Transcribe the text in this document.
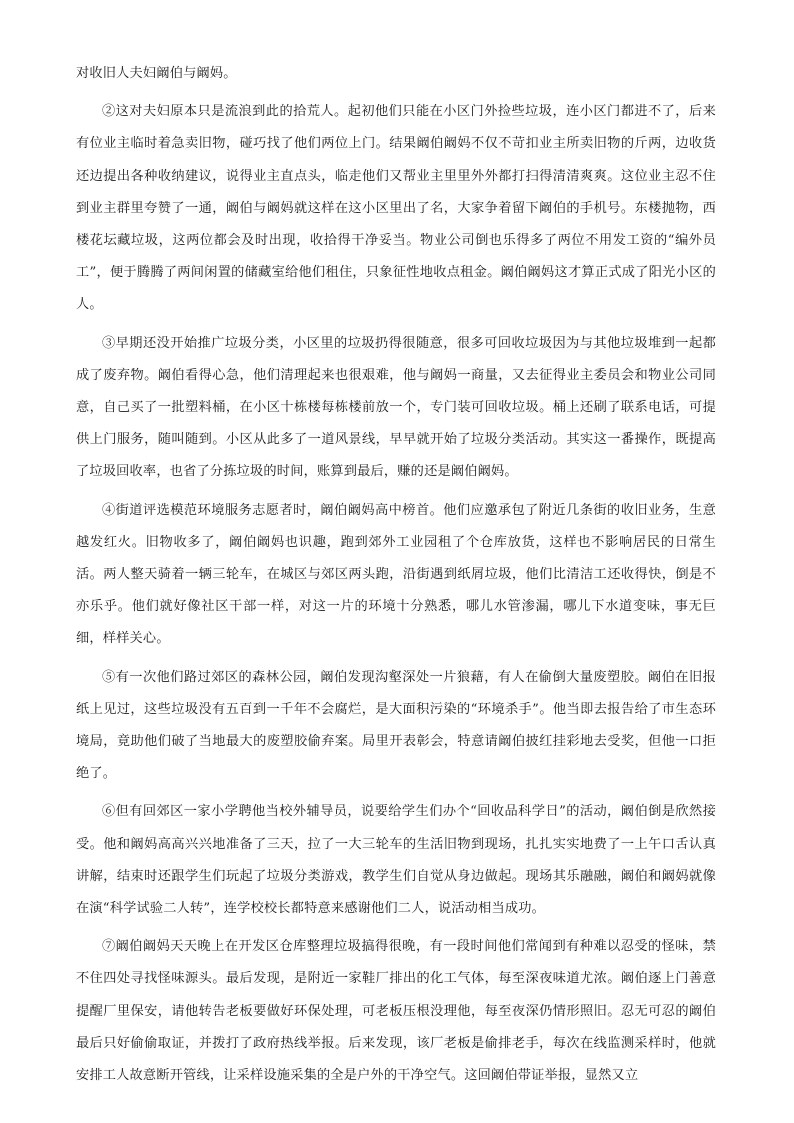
对收旧人夫妇阚伯与阚妈。

②这对夫妇原本只是流浪到此的拾荒人。起初他们只能在小区门外捡些垃圾，连小区门都进不了，后来有位业主临时着急卖旧物，碰巧找了他们两位上门。结果阚伯阚妈不仅不苛扣业主所卖旧物的斤两，边收货还边提出各种收纳建议，说得业主直点头，临走他们又帮业主里里外外都打扫得清清爽爽。这位业主忍不住到业主群里夸赞了一通，阚伯与阚妈就这样在这小区里出了名，大家争着留下阚伯的手机号。东楼抛物，西楼花坛藏垃圾，这两位都会及时出现，收拾得干净妥当。物业公司倒也乐得多了两位不用发工资的“编外员工”，便于腾腾了两间闲置的储藏室给他们租住，只象征性地收点租金。阚伯阚妈这才算正式成了阳光小区的人。

③早期还没开始推广垃圾分类，小区里的垃圾扔得很随意，很多可回收垃圾因为与其他垃圾堆到一起都成了废弃物。阚伯看得心急，他们清理起来也很艰难，他与阚妈一商量，又去征得业主委员会和物业公司同意，自己买了一批塑料桶，在小区十栋楼每栋楼前放一个，专门装可回收垃圾。桶上还刷了联系电话，可提供上门服务，随叫随到。小区从此多了一道风景线，早早就开始了垃圾分类活动。其实这一番操作，既提高了垃圾回收率，也省了分拣垃圾的时间，账算到最后，赚的还是阚伯阚妈。

④街道评选模范环境服务志愿者时，阚伯阚妈高中榜首。他们应邀承包了附近几条街的收旧业务，生意越发红火。旧物收多了，阚伯阚妈也识趣，跑到郊外工业园租了个仓库放货，这样也不影响居民的日常生活。两人整天骑着一辆三轮车，在城区与郊区两头跑，沿街遇到纸屑垃圾，他们比清洁工还收得快，倒是不亦乐乎。他们就好像社区干部一样，对这一片的环境十分熟悉，哪儿水管渗漏，哪儿下水道变味，事无巨细，样样关心。

⑤有一次他们路过郊区的森林公园，阚伯发现沟壑深处一片狼藉，有人在偷倒大量废塑胶。阚伯在旧报纸上见过，这些垃圾没有五百到一千年不会腐烂，是大面积污染的“环境杀手”。他当即去报告给了市生态环境局，竟助他们破了当地最大的废塑胶偷弃案。局里开表彰会，特意请阚伯披红挂彩地去受奖，但他一口拒绝了。

⑥但有回郊区一家小学聘他当校外辅导员，说要给学生们办个“回收品科学日”的活动，阚伯倒是欣然接受。他和阚妈高高兴兴地准备了三天，拉了一大三轮车的生活旧物到现场，扎扎实实地费了一上午口舌认真讲解，结束时还跟学生们玩起了垃圾分类游戏，教学生们自觉从身边做起。现场其乐融融，阚伯和阚妈就像在演“科学试验二人转”，连学校校长都特意来感谢他们二人，说活动相当成功。

⑦阚伯阚妈天天晚上在开发区仓库整理垃圾搞得很晚，有一段时间他们常闻到有种难以忍受的怪味，禁不住四处寻找怪味源头。最后发现，是附近一家鞋厂排出的化工气体，每至深夜味道尤浓。阚伯逐上门善意提醒厂里保安，请他转告老板要做好环保处理，可老板压根没理他，每至夜深仍情形照旧。忍无可忍的阚伯最后只好偷偷取证，并拨打了政府热线举报。后来发现，该厂老板是偷排老手，每次在线监测采样时，他就安排工人故意断开管线，让采样设施采集的全是户外的干净空气。这回阚伯带证举报，显然又立
